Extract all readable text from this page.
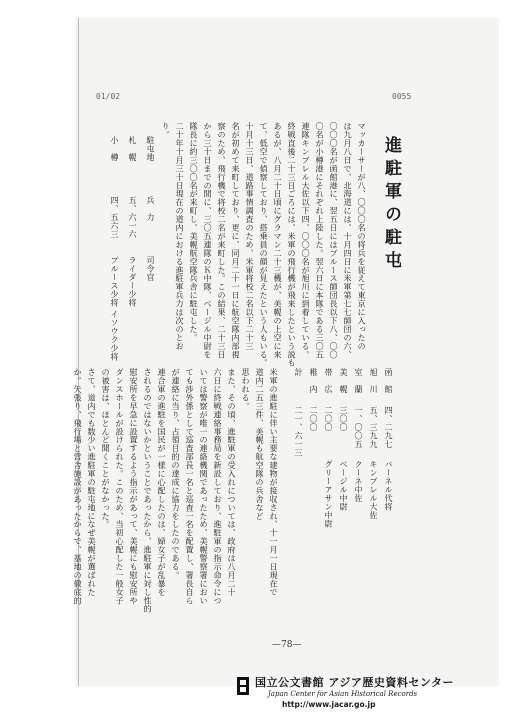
01/02	0055
進駐軍の駐屯
マッカーサーが八、〇〇〇名の将兵を従えて東京に入ったの
は九月八日で、北海道には、十月四日に米軍第七七師団の六、
〇〇〇名が函館港に、翌五日にはブルース師団長以下八、〇〇
〇名が小樽港にそれぞれ上陸した。翌六日に本隊である三〇五
連隊キンブレル大佐以下四、〇〇〇名が旭川に到着している。
終戦直後二十三日ごろには、米軍の飛行機が飛来したという説も
あるが、八月二十日頃にグラマン二十三機が、美幌の上空に来
て、低空で偵察しており、搭乗員の顔が見えたという人もいる。
十月十三日、道路事情調査のため、米軍将校二名以下二十三
名が初めて来町しており、更に、同月二十一日に航空隊内部視
察のため、飛行機で将校二名が来町した。この結果、二十三日
から三十日までの間に、三〇五連隊のＫ中隊、ベージル中尉を
隊長に約三〇〇名が来町し、美幌航空隊兵舎に駐屯した。
二十年十月三十日現在の道内における進駐軍兵力は次のとお
り。
駐屯地
兵　力
司令官
札　幌
五、六一六
ライダー少将
小　樽
四、五六三
ブルース少将 イソウク少将
函　館
四、二九七
バーネル代将
旭　川
五、三九九
キンブレル大佐
室　蘭
一、〇〇五
クーネ中佐
美　幌
三〇〇
ベージル中尉
帯　広
二〇〇
グリーアサン中尉
稚　内
二〇〇
計
二一、六一三
米軍の進駐に伴い主要な建物が接収され、十一月一日現在で
道内二五三件、美幌も航空隊の兵舎など
思われる。
また、その頃、進駐軍の受入れについては、政府は八月二十
六日に終戦連絡事務局を新設しており、進駐軍の指示命令につ
いては警察が唯一の連絡機関であったため、美幌警察署におい
ても渉外係として巡査部長一名と巡査一名を配置し、署長自ら
が連絡に当り、占領目的の達成に協力をしたのである。
連合軍の進駐を国民が一様に心配したのは、婦女子が乱暴を
されるのではないかということであったから、進駐軍に対し性的
慰安所を早急に設置するよう指示があって、美幌にも慰安所や
ダンスホールが設けられた。このため、当初心配した一般女子
の被害は、ほとんど聞くことがなかった。
さて、道内でも数少い進駐軍の駐屯地になぜ美幌が選ばれた
か。矢張り、飛行場と営舎施設があったからで、基地の徹底的
—78—
国立公文書館 アジア歴史資料センター
Japan Center for Asian Historical Records
http://www.jacar.go.jp
